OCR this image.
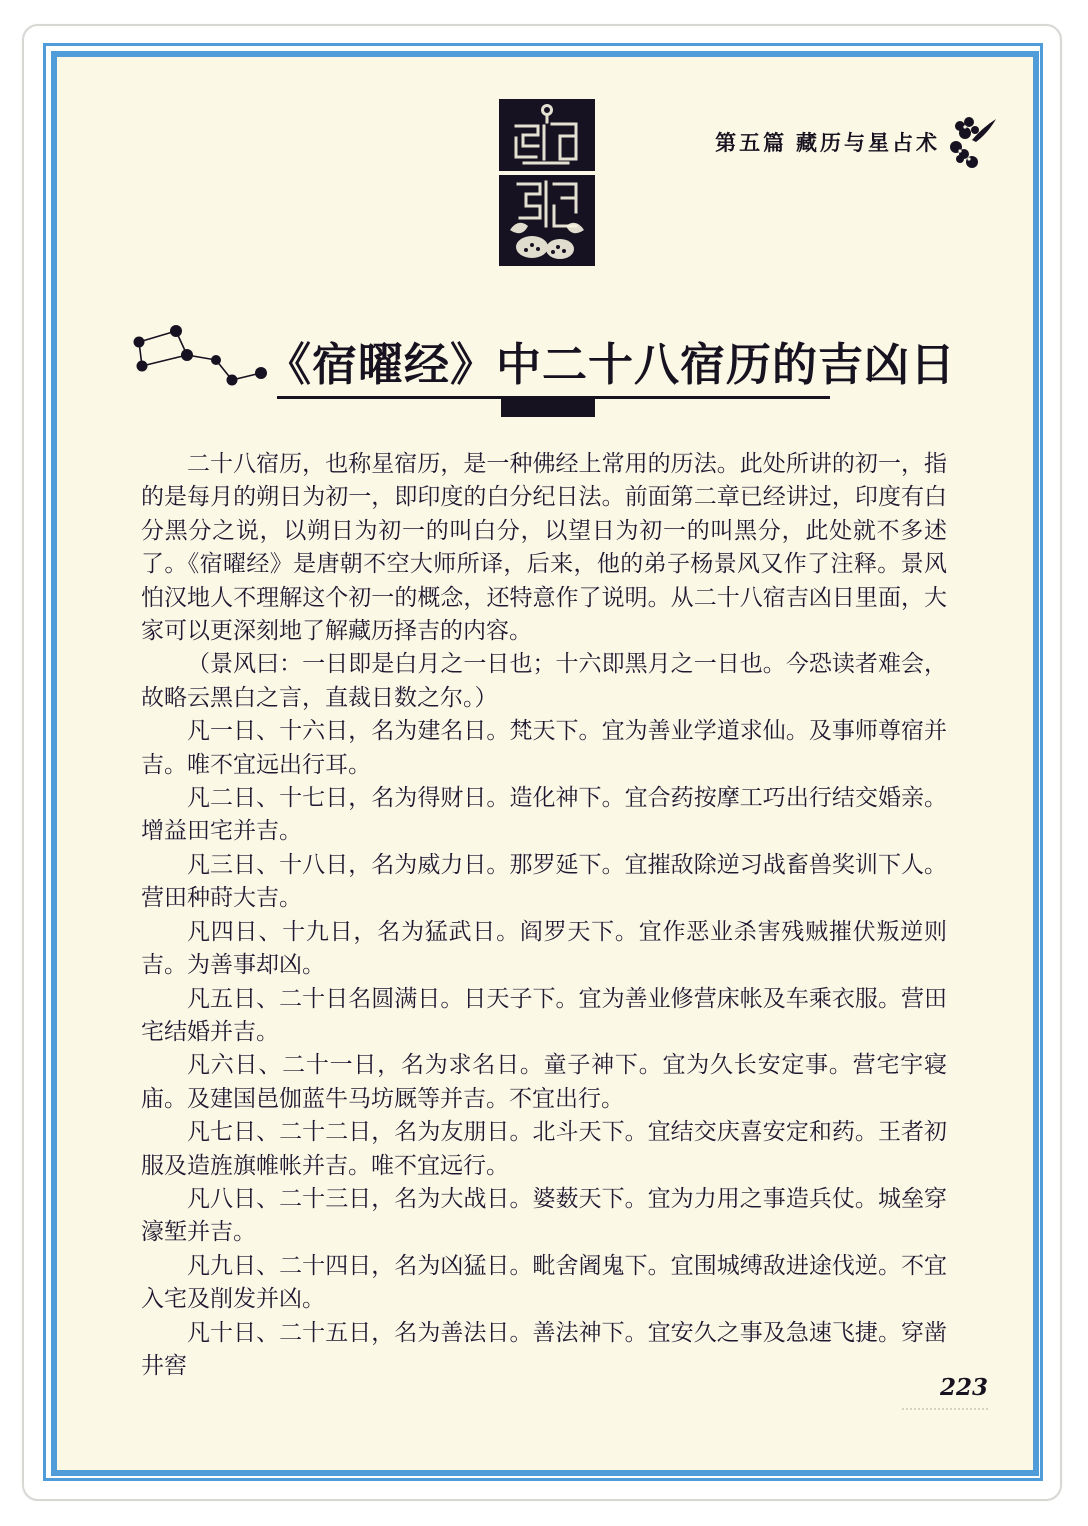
第五篇 藏历与星占术
《宿曜经》中二十八宿历的吉凶日

二十八宿历，也称星宿历，是一种佛经上常用的历法。此处所讲的初一，指的是每月的朔日为初一，即印度的白分纪日法。前面第二章已经讲过，印度有白分黑分之说，以朔日为初一的叫白分，以望日为初一的叫黑分，此处就不多述了。《宿曜经》是唐朝不空大师所译，后来，他的弟子杨景风又作了注释。景风怕汉地人不理解这个初一的概念，还特意作了说明。从二十八宿吉凶日里面，大家可以更深刻地了解藏历择吉的内容。

（景风曰：一日即是白月之一日也；十六即黑月之一日也。今恐读者难会，故略云黑白之言，直裁日数之尔。）

凡一日、十六日，名为建名日。梵天下。宜为善业学道求仙。及事师尊宿并吉。唯不宜远出行耳。

凡二日、十七日，名为得财日。造化神下。宜合药按摩工巧出行结交婚亲。增益田宅并吉。

凡三日、十八日，名为威力日。那罗延下。宜摧敌除逆习战畜兽奖训下人。营田种莳大吉。

凡四日、十九日，名为猛武日。阎罗天下。宜作恶业杀害残贼摧伏叛逆则吉。为善事却凶。

凡五日、二十日名圆满日。日天子下。宜为善业修营床帐及车乘衣服。营田宅结婚并吉。

凡六日、二十一日，名为求名日。童子神下。宜为久长安定事。营宅宇寝庙。及建国邑伽蓝牛马坊厩等并吉。不宜出行。

凡七日、二十二日，名为友朋日。北斗天下。宜结交庆喜安定和药。王者初服及造旌旗帷帐并吉。唯不宜远行。

凡八日、二十三日，名为大战日。婆薮天下。宜为力用之事造兵仗。城垒穿濠堑并吉。

凡九日、二十四日，名为凶猛日。毗舍阇鬼下。宜围城缚敌进途伐逆。不宜入宅及削发并凶。

凡十日、二十五日，名为善法日。善法神下。宜安久之事及急速飞捷。穿凿井窖

223
